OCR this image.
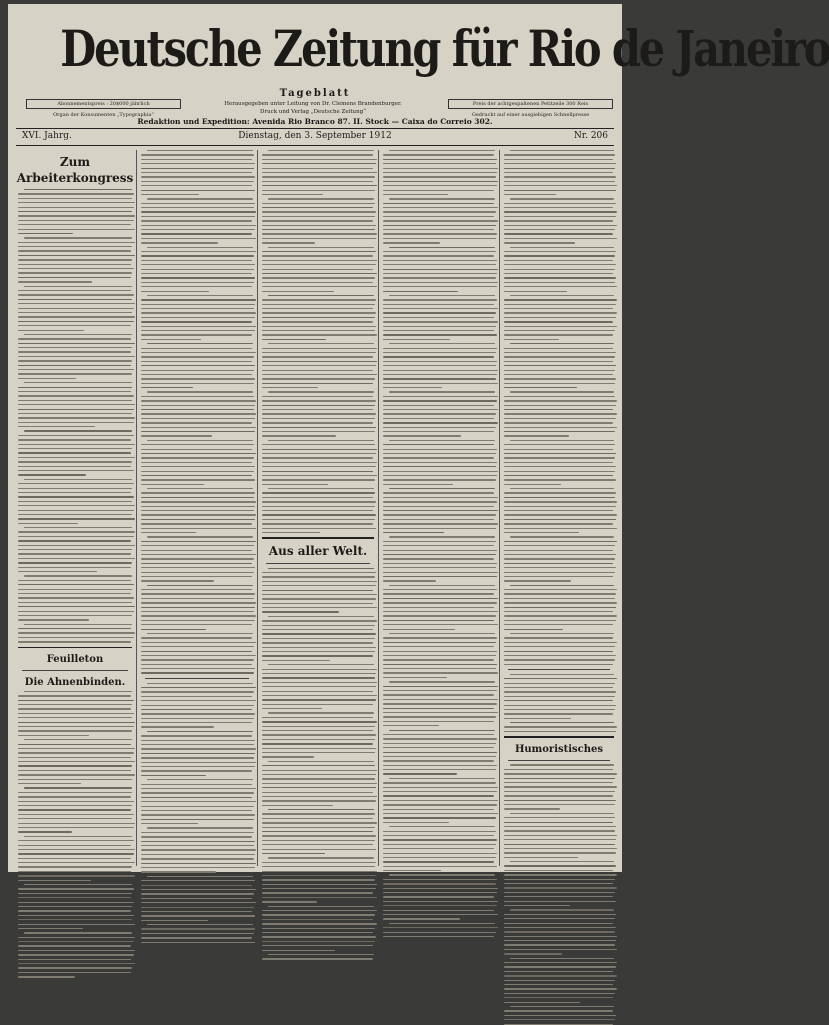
Deutsche Zeitung für Rio de Janeiro
Tageblatt
Abonnementspreis : 20$000 jährlich
Organ der Konsumenten „Typographia“
Herausgegeben unter Leitung von Dr. Clemens Brandenburger.
Druck und Verlag „Deutsche Zeitung“
Preis der achtgespaltenen Petitzeile 300 Reis
Gedruckt auf einer ausgiebigen Schnellpresse
Redaktion und Expedition: Avenida Rio Branco 87. II. Stock — Caixa do Correio 302.
XVI. Jahrg.	Dienstag, den 3. September 1912	Nr. 206
Zum Arbeiterkongress
Feuilleton
Die Ahnenbinden.
Aus aller Welt.
Humoristisches
